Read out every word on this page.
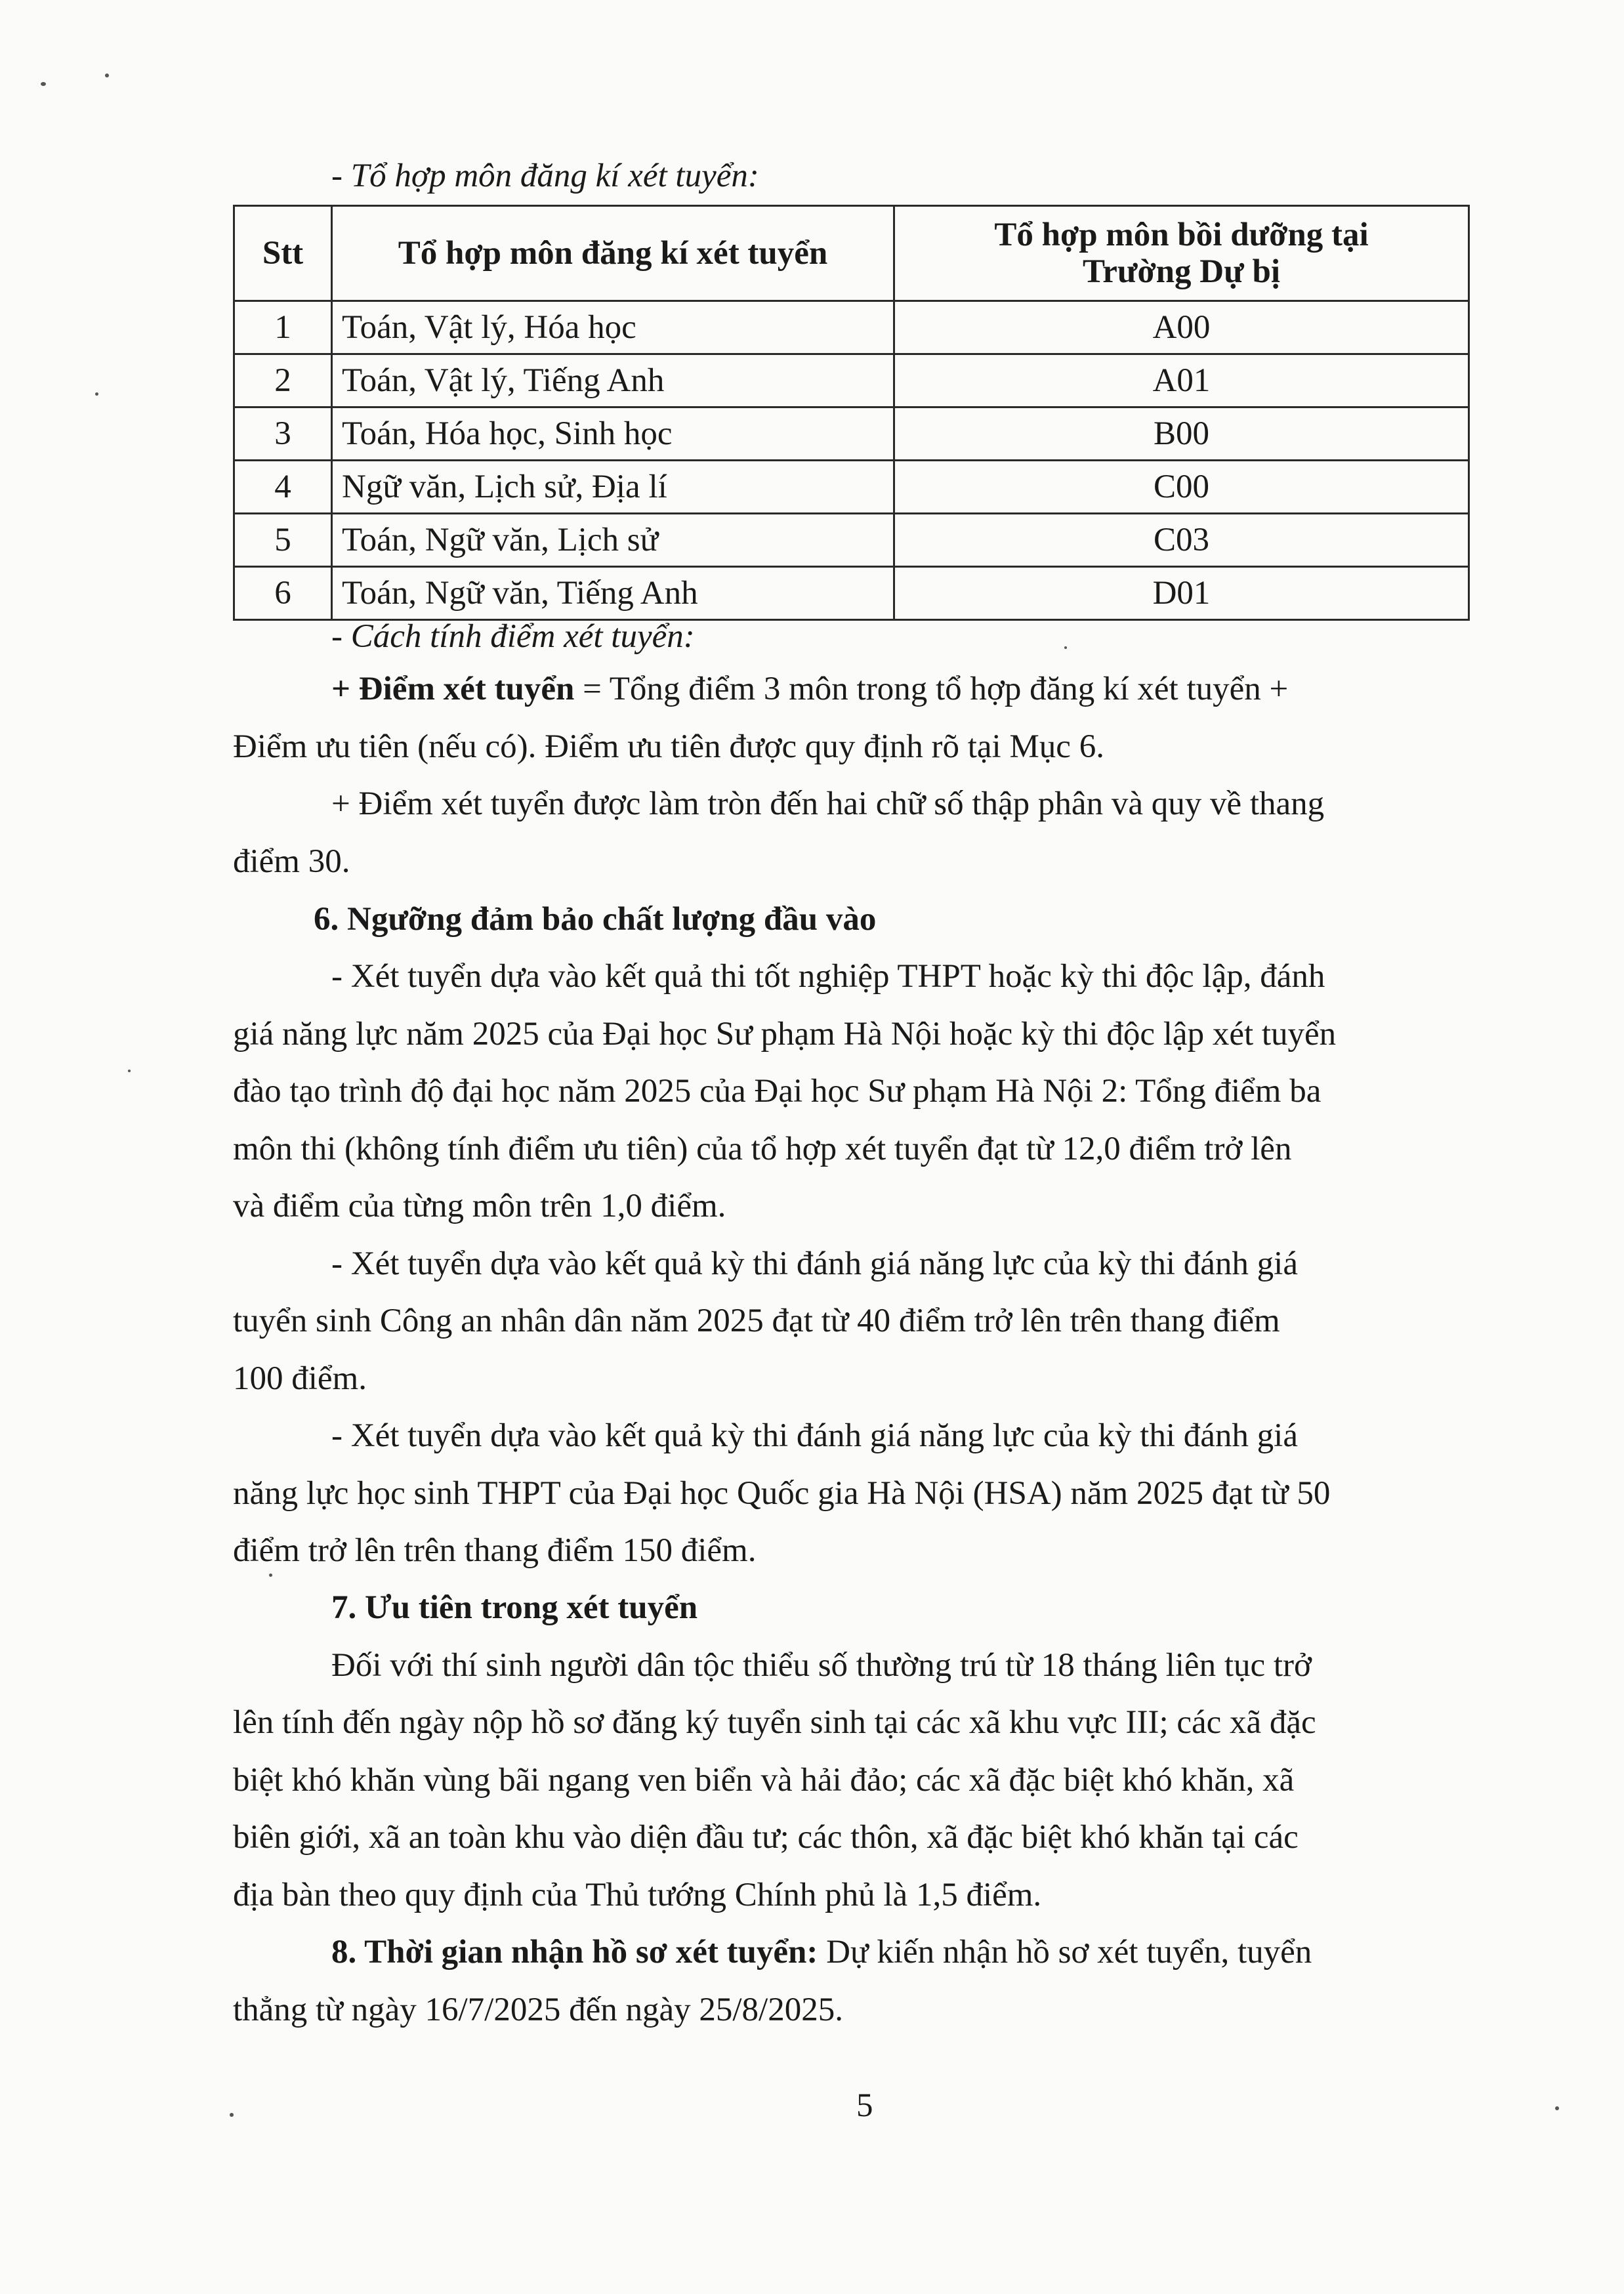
- Tổ hợp môn đăng kí xét tuyển:
Stt	Tổ hợp môn đăng kí xét tuyển	Tổ hợp môn bồi dưỡng tại Trường Dự bị
1	Toán, Vật lý, Hóa học	A00
2	Toán, Vật lý, Tiếng Anh	A01
3	Toán, Hóa học, Sinh học	B00
4	Ngữ văn, Lịch sử, Địa lí	C00
5	Toán, Ngữ văn, Lịch sử	C03
6	Toán, Ngữ văn, Tiếng Anh	D01
- Cách tính điểm xét tuyển:
+ Điểm xét tuyển = Tổng điểm 3 môn trong tổ hợp đăng kí xét tuyển +
Điểm ưu tiên (nếu có). Điểm ưu tiên được quy định rõ tại Mục 6.
+ Điểm xét tuyển được làm tròn đến hai chữ số thập phân và quy về thang
điểm 30.
6. Ngưỡng đảm bảo chất lượng đầu vào
- Xét tuyển dựa vào kết quả thi tốt nghiệp THPT hoặc kỳ thi độc lập, đánh
giá năng lực năm 2025 của Đại học Sư phạm Hà Nội hoặc kỳ thi độc lập xét tuyển
đào tạo trình độ đại học năm 2025 của Đại học Sư phạm Hà Nội 2: Tổng điểm ba
môn thi (không tính điểm ưu tiên) của tổ hợp xét tuyển đạt từ 12,0 điểm trở lên
và điểm của từng môn trên 1,0 điểm.
- Xét tuyển dựa vào kết quả kỳ thi đánh giá năng lực của kỳ thi đánh giá
tuyển sinh Công an nhân dân năm 2025 đạt từ 40 điểm trở lên trên thang điểm
100 điểm.
- Xét tuyển dựa vào kết quả kỳ thi đánh giá năng lực của kỳ thi đánh giá
năng lực học sinh THPT của Đại học Quốc gia Hà Nội (HSA) năm 2025 đạt từ 50
điểm trở lên trên thang điểm 150 điểm.
7. Ưu tiên trong xét tuyển
Đối với thí sinh người dân tộc thiểu số thường trú từ 18 tháng liên tục trở
lên tính đến ngày nộp hồ sơ đăng ký tuyển sinh tại các xã khu vực III; các xã đặc
biệt khó khăn vùng bãi ngang ven biển và hải đảo; các xã đặc biệt khó khăn, xã
biên giới, xã an toàn khu vào diện đầu tư; các thôn, xã đặc biệt khó khăn tại các
địa bàn theo quy định của Thủ tướng Chính phủ là 1,5 điểm.
8. Thời gian nhận hồ sơ xét tuyển: Dự kiến nhận hồ sơ xét tuyển, tuyển
thẳng từ ngày 16/7/2025 đến ngày 25/8/2025.
5
